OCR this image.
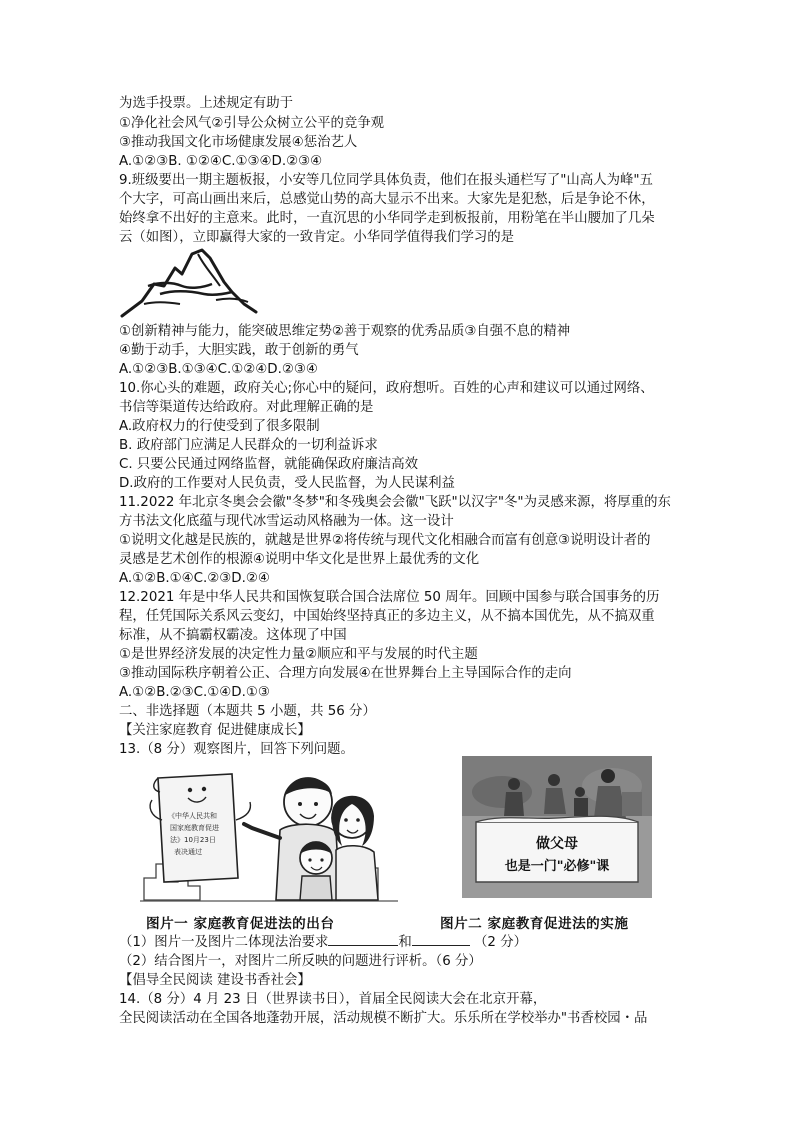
为选手投票。上述规定有助于
①净化社会风气②引导公众树立公平的竞争观
③推动我国文化市场健康发展④惩治艺人
A.①②③B. ①②④C.①③④D.②③④
9.班级要出一期主题板报，小安等几位同学具体负责，他们在报头通栏写了"山高人为峰"五
个大字，可高山画出来后，总感觉山势的高大显示不出来。大家先是犯愁，后是争论不休，
始终拿不出好的主意来。此时，一直沉思的小华同学走到板报前，用粉笔在半山腰加了几朵
云（如图），立即赢得大家的一致肯定。小华同学值得我们学习的是
①创新精神与能力，能突破思维定势②善于观察的优秀品质③自强不息的精神
④勤于动手，大胆实践，敢于创新的勇气
A.①②③B.①③④C.①②④D.②③④
10.你心头的难题，政府关心;你心中的疑问，政府想听。百姓的心声和建议可以通过网络、
书信等渠道传达给政府。对此理解正确的是
A.政府权力的行使受到了很多限制
B. 政府部门应满足人民群众的一切利益诉求
C. 只要公民通过网络监督，就能确保政府廉洁高效
D.政府的工作要对人民负责，受人民监督，为人民谋利益
11.2022 年北京冬奥会会徽"冬梦"和冬残奥会会徽"飞跃"以汉字"冬"为灵感来源，将厚重的东
方书法文化底蕴与现代冰雪运动风格融为一体。这一设计
①说明文化越是民族的，就越是世界②将传统与现代文化相融合而富有创意③说明设计者的
灵感是艺术创作的根源④说明中华文化是世界上最优秀的文化
A.①②B.①④C.②③D.②④
12.2021 年是中华人民共和国恢复联合国合法席位 50 周年。回顾中国参与联合国事务的历
程，任凭国际关系风云变幻，中国始终坚持真正的多边主义，从不搞本国优先，从不搞双重
标准，从不搞霸权霸凌。这体现了中国
①是世界经济发展的决定性力量②顺应和平与发展的时代主题
③推动国际秩序朝着公正、合理方向发展④在世界舞台上主导国际合作的走向
A.①②B.②③C.①④D.①③
二、非选择题（本题共 5 小题，共 56 分）
【关注家庭教育 促进健康成长】
13.（8 分）观察图片，回答下列问题。
《中华人民共和
国家庭教育促进
法》10月23日
表决通过
图片一 家庭教育促进法的出台
做父母
也是一门"必修"课
图片二 家庭教育促进法的实施
（1）图片一及图片二体现法治要求	和	（2 分）
（2）结合图片一，对图片二所反映的问题进行评析。（6 分）
【倡导全民阅读 建设书香社会】
14.（8 分）4 月 23 日（世界读书日），首届全民阅读大会在北京开幕，
全民阅读活动在全国各地蓬勃开展，活动规模不断扩大。乐乐所在学校举办"书香校园・品
